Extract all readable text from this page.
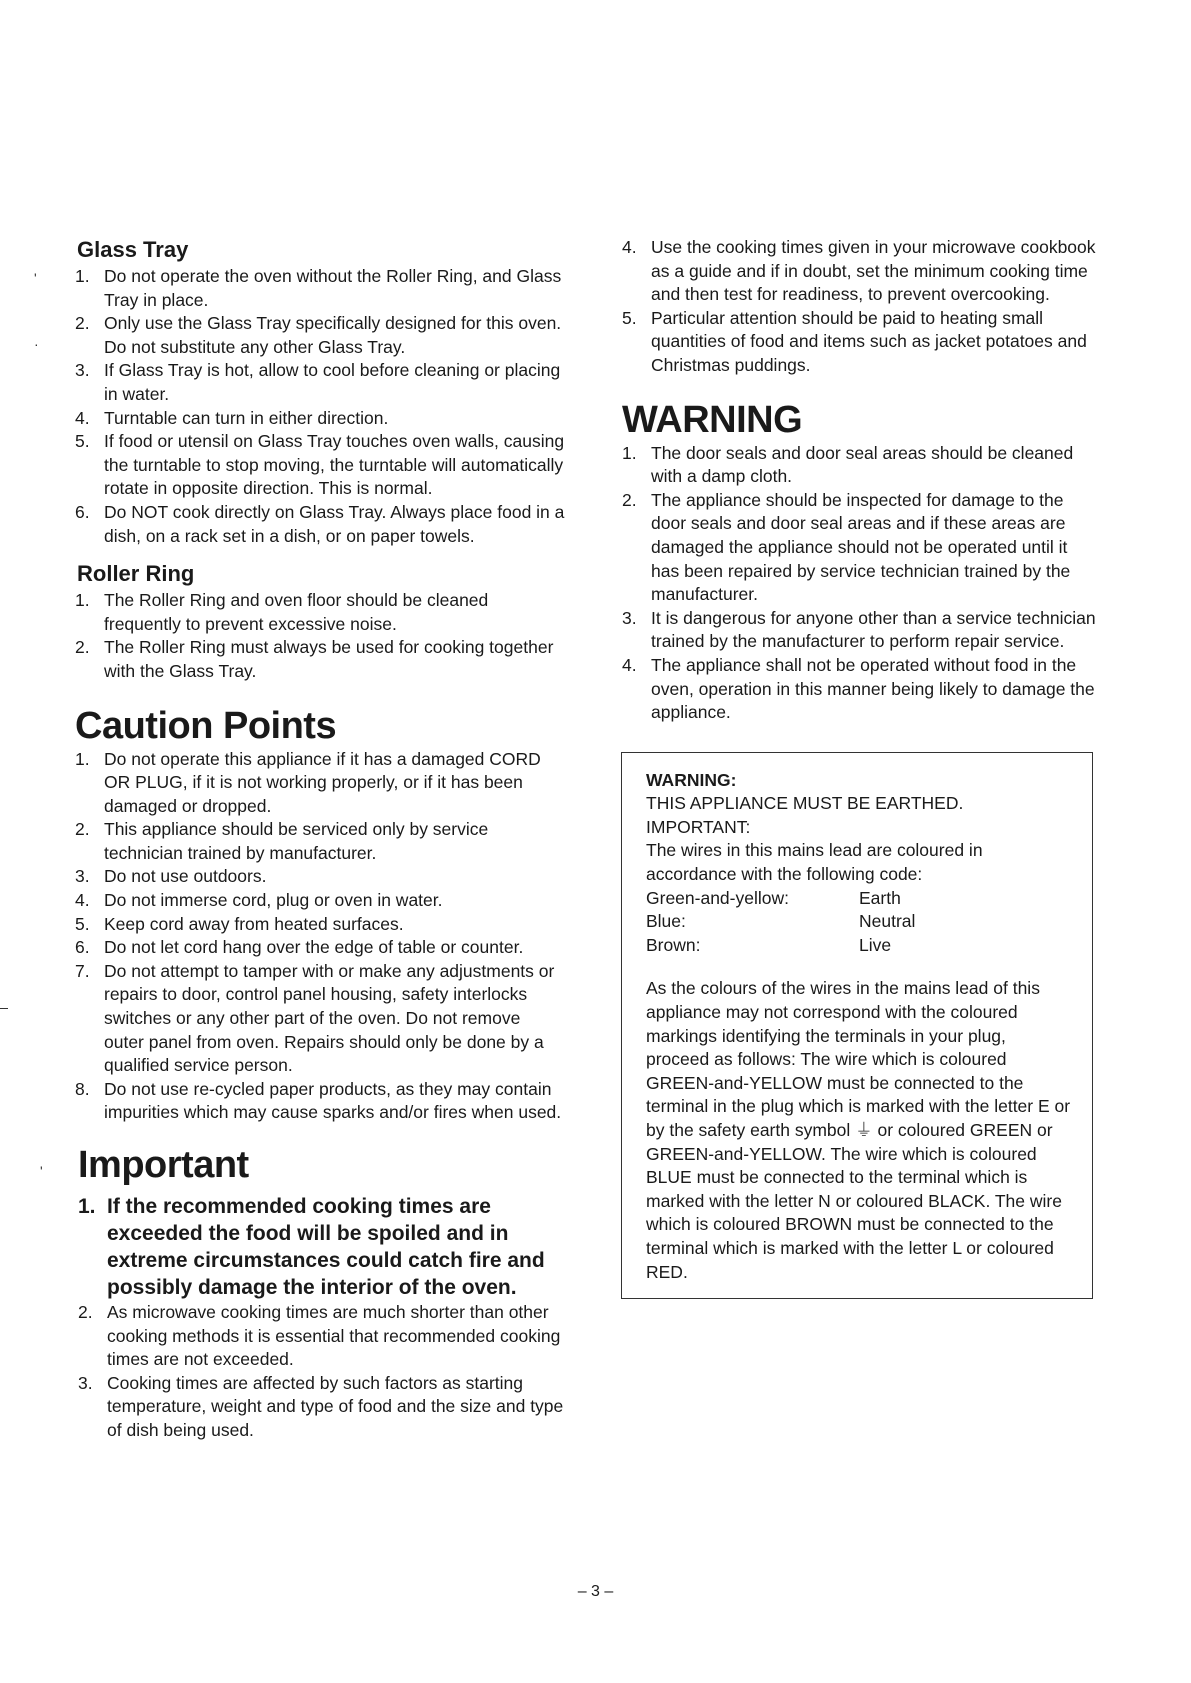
Glass Tray
1. Do not operate the oven without the Roller Ring, and Glass Tray in place.
2. Only use the Glass Tray specifically designed for this oven. Do not substitute any other Glass Tray.
3. If Glass Tray is hot, allow to cool before cleaning or placing in water.
4. Turntable can turn in either direction.
5. If food or utensil on Glass Tray touches oven walls, causing the turntable to stop moving, the turntable will automatically rotate in opposite direction. This is normal.
6. Do NOT cook directly on Glass Tray. Always place food in a dish, on a rack set in a dish, or on paper towels.
Roller Ring
1. The Roller Ring and oven floor should be cleaned frequently to prevent excessive noise.
2. The Roller Ring must always be used for cooking together with the Glass Tray.
Caution Points
1. Do not operate this appliance if it has a damaged CORD OR PLUG, if it is not working properly, or if it has been damaged or dropped.
2. This appliance should be serviced only by service technician trained by manufacturer.
3. Do not use outdoors.
4. Do not immerse cord, plug or oven in water.
5. Keep cord away from heated surfaces.
6. Do not let cord hang over the edge of table or counter.
7. Do not attempt to tamper with or make any adjustments or repairs to door, control panel housing, safety interlocks switches or any other part of the oven. Do not remove outer panel from oven. Repairs should only be done by a qualified service person.
8. Do not use re-cycled paper products, as they may contain impurities which may cause sparks and/or fires when used.
Important
1. If the recommended cooking times are exceeded the food will be spoiled and in extreme circumstances could catch fire and possibly damage the interior of the oven.
2. As microwave cooking times are much shorter than other cooking methods it is essential that recommended cooking times are not exceeded.
3. Cooking times are affected by such factors as starting temperature, weight and type of food and the size and type of dish being used.
4. Use the cooking times given in your microwave cookbook as a guide and if in doubt, set the minimum cooking time and then test for readiness, to prevent overcooking.
5. Particular attention should be paid to heating small quantities of food and items such as jacket potatoes and Christmas puddings.
WARNING
1. The door seals and door seal areas should be cleaned with a damp cloth.
2. The appliance should be inspected for damage to the door seals and door seal areas and if these areas are damaged the appliance should not be operated until it has been repaired by service technician trained by the manufacturer.
3. It is dangerous for anyone other than a service technician trained by the manufacturer to perform repair service.
4. The appliance shall not be operated without food in the oven, operation in this manner being likely to damage the appliance.
WARNING:
THIS APPLIANCE MUST BE EARTHED.
IMPORTANT:
The wires in this mains lead are coloured in accordance with the following code:
Green-and-yellow:	Earth
Blue:	Neutral
Brown:	Live

As the colours of the wires in the mains lead of this appliance may not correspond with the coloured markings identifying the terminals in your plug, proceed as follows: The wire which is coloured GREEN-and-YELLOW must be connected to the terminal in the plug which is marked with the letter E or by the safety earth symbol ⏚ or coloured GREEN or GREEN-and-YELLOW. The wire which is coloured BLUE must be connected to the terminal which is marked with the letter N or coloured BLACK. The wire which is coloured BROWN must be connected to the terminal which is marked with the letter L or coloured RED.

– 3 –
'
·
'
